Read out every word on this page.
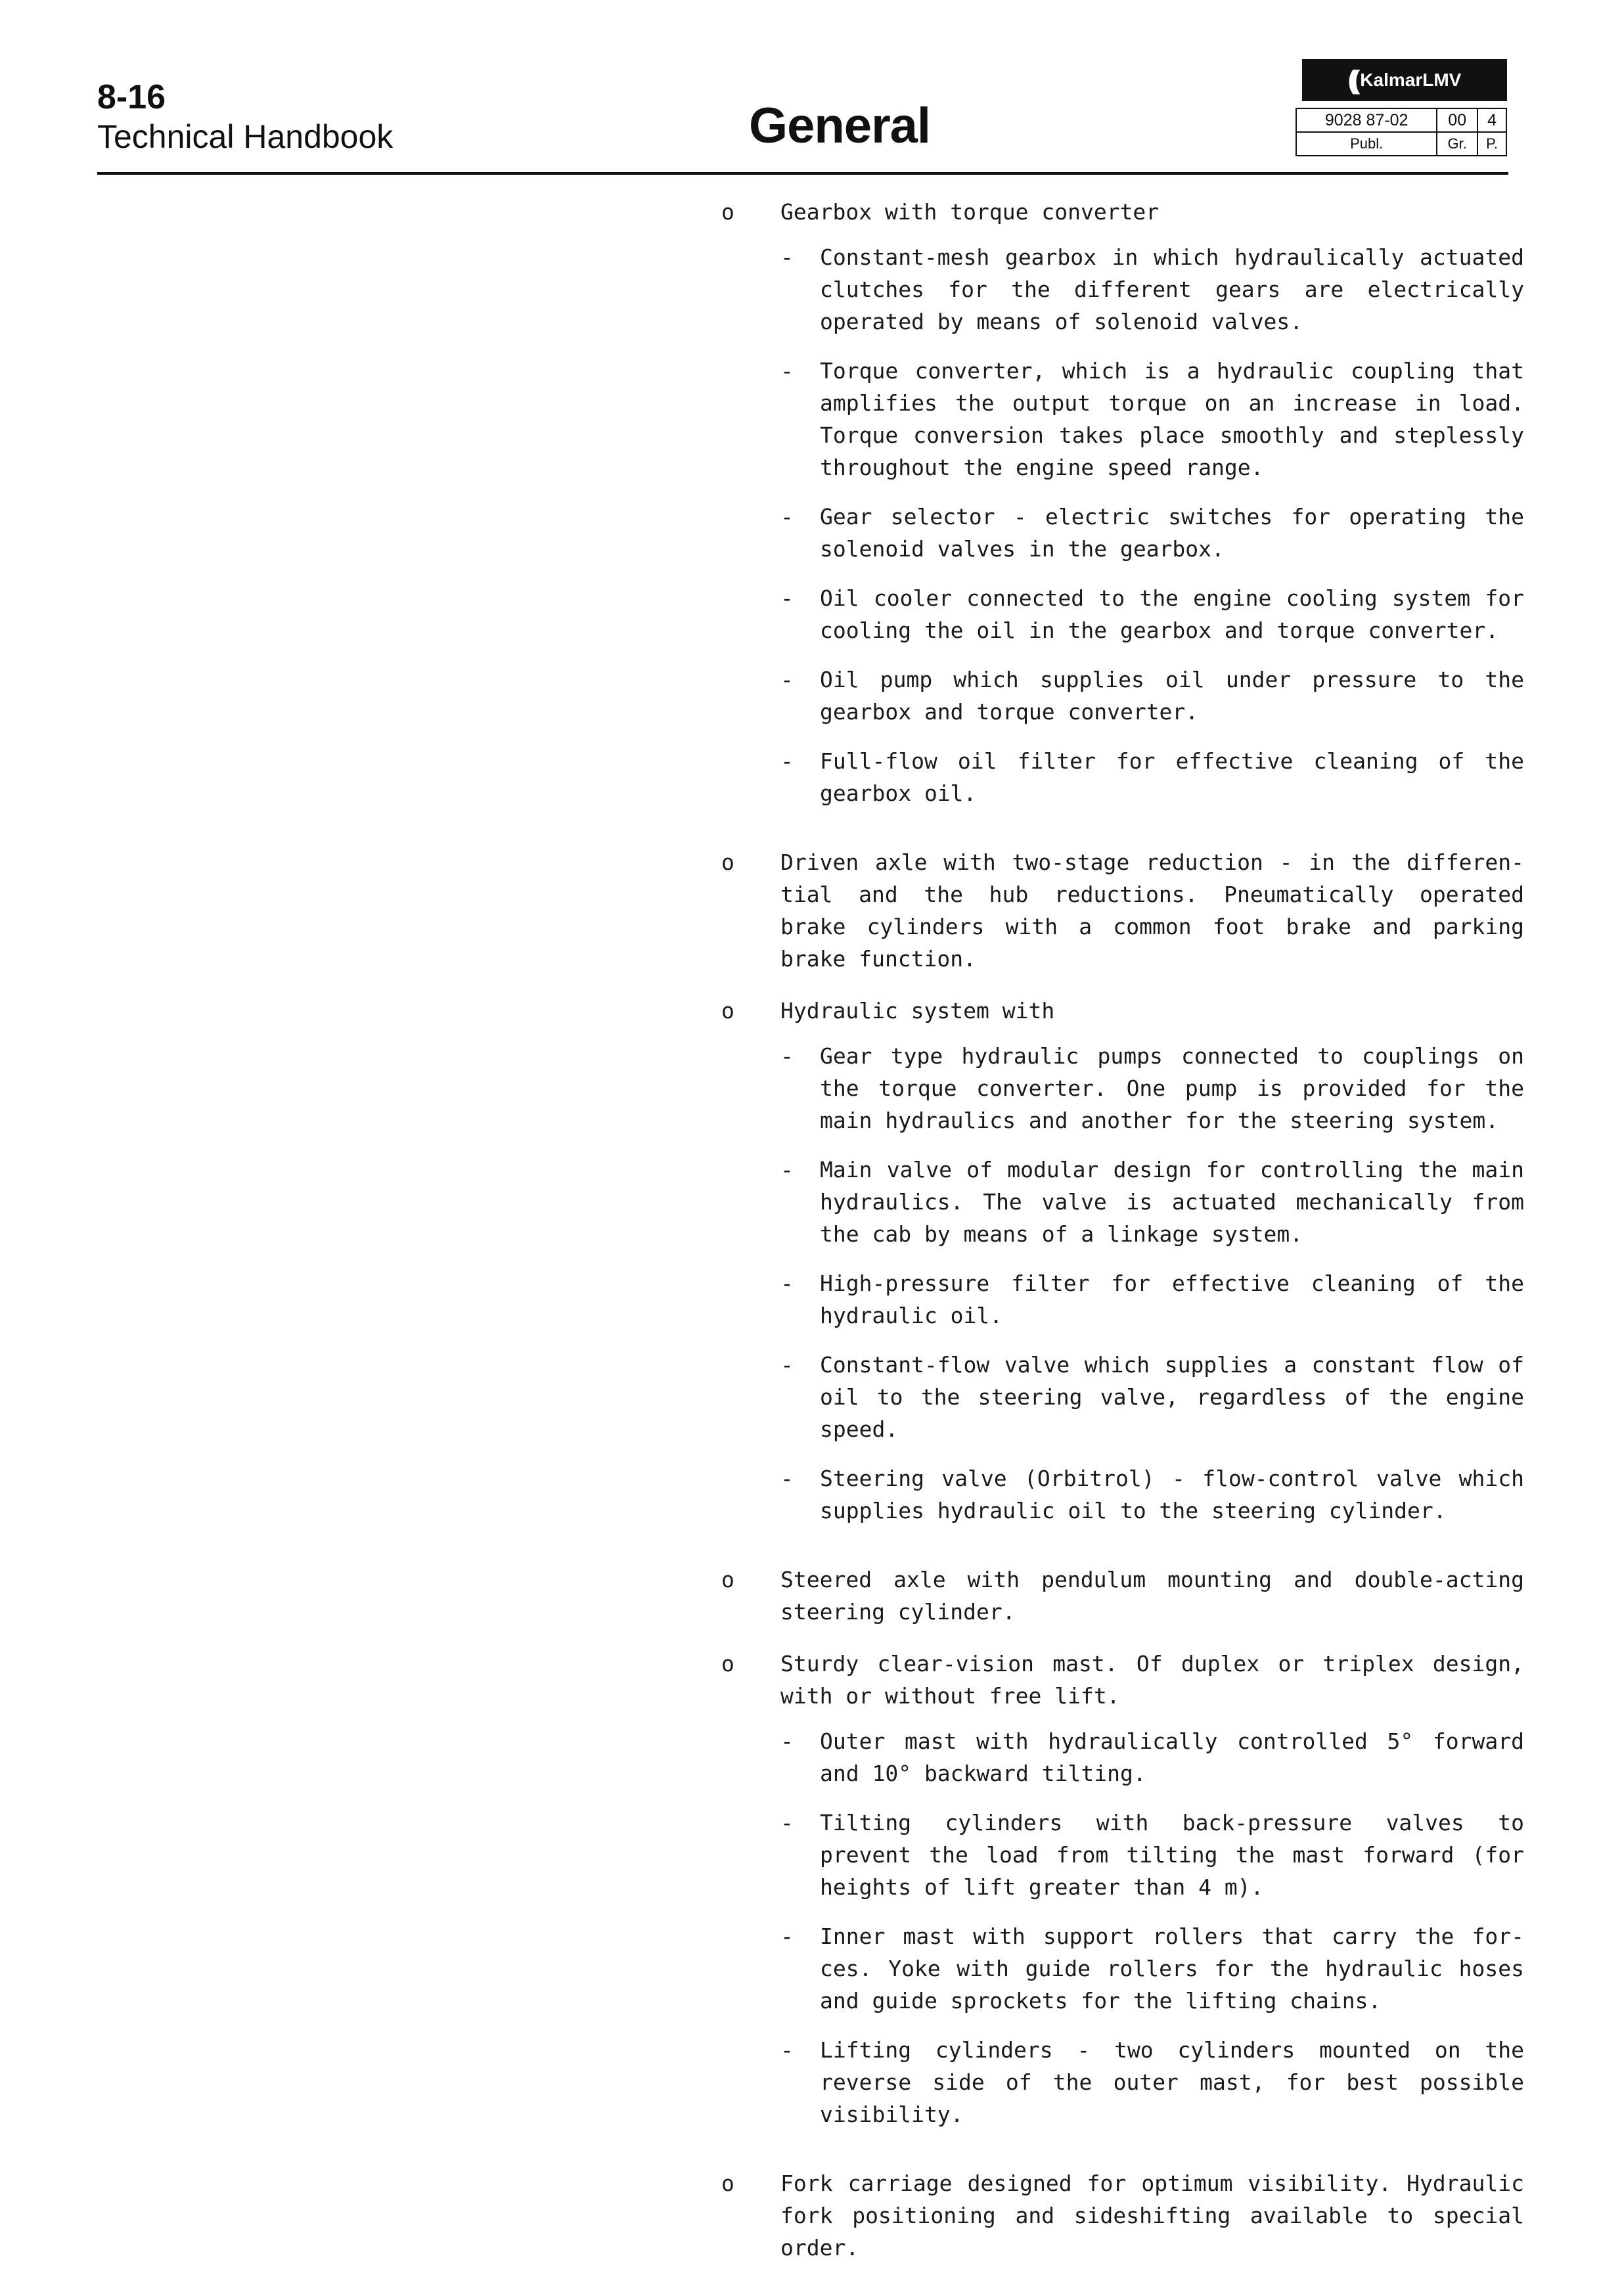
8-16
Technical Handbook	General
(( KalmarLMV
9028 87-02	00	4
Publ.	Gr.	P.
o	Gearbox with torque converter
-	Constant-mesh gearbox in which hydraulically actuated clutches for the different gears are electrically operated by means of solenoid valves.
-	Torque converter, which is a hydraulic coupling that amplifies the output torque on an increase in load. Torque conversion takes place smoothly and steplessly throughout the engine speed range.
-	Gear selector - electric switches for operating the solenoid valves in the gearbox.
-	Oil cooler connected to the engine cooling system for cooling the oil in the gearbox and torque converter.
-	Oil pump which supplies oil under pressure to the gearbox and torque converter.
-	Full-flow oil filter for effective cleaning of the gearbox oil.
o	Driven axle with two-stage reduction - in the differen-tial and the hub reductions. Pneumatically operated brake cylinders with a common foot brake and parking brake function.
o	Hydraulic system with
-	Gear type hydraulic pumps connected to couplings on the torque converter. One pump is provided for the main hydraulics and another for the steering system.
-	Main valve of modular design for controlling the main hydraulics. The valve is actuated mechanically from the cab by means of a linkage system.
-	High-pressure filter for effective cleaning of the hydraulic oil.
-	Constant-flow valve which supplies a constant flow of oil to the steering valve, regardless of the engine speed.
-	Steering valve (Orbitrol) - flow-control valve which supplies hydraulic oil to the steering cylinder.
o	Steered axle with pendulum mounting and double-acting steering cylinder.
o	Sturdy clear-vision mast. Of duplex or triplex design, with or without free lift.
-	Outer mast with hydraulically controlled 5° forward and 10° backward tilting.
-	Tilting cylinders with back-pressure valves to prevent the load from tilting the mast forward (for heights of lift greater than 4 m).
-	Inner mast with support rollers that carry the for-ces. Yoke with guide rollers for the hydraulic hoses and guide sprockets for the lifting chains.
-	Lifting cylinders - two cylinders mounted on the reverse side of the outer mast, for best possible visibility.
o	Fork carriage designed for optimum visibility. Hydraulic fork positioning and sideshifting available to special order.
